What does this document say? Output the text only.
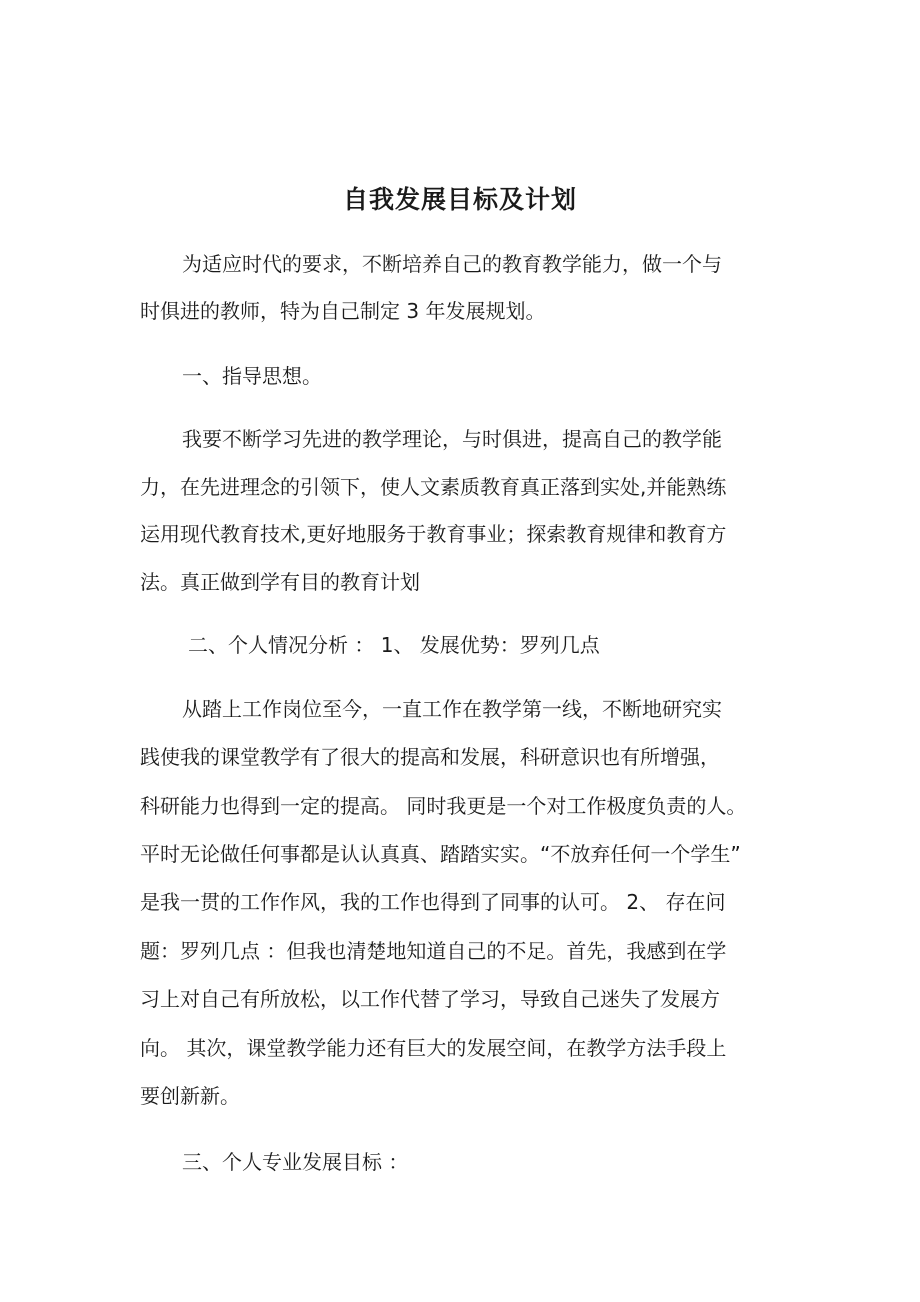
自我发展目标及计划
为适应时代的要求，不断培养自己的教育教学能力，做一个与
时俱进的教师，特为自己制定 3 年发展规划。
一、指导思想。
我要不断学习先进的教学理论，与时俱进，提高自己的教学能
力，在先进理念的引领下，使人文素质教育真正落到实处,并能熟练
运用现代教育技术,更好地服务于教育事业；探索教育规律和教育方
法。真正做到学有目的教育计划
二、个人情况分析 ： 1、 发展优势：罗列几点
从踏上工作岗位至今，一直工作在教学第一线，不断地研究实
践使我的课堂教学有了很大的提高和发展，科研意识也有所增强，
科研能力也得到一定的提高。 同时我更是一个对工作极度负责的人。
平时无论做任何事都是认认真真、踏踏实实。“不放弃任何一个学生”
是我一贯的工作作风，我的工作也得到了同事的认可。 2、 存在问
题：罗列几点 ：但我也清楚地知道自己的不足。首先，我感到在学
习上对自己有所放松，以工作代替了学习，导致自己迷失了发展方
向。 其次，课堂教学能力还有巨大的发展空间，在教学方法手段上
要创新新。
三、个人专业发展目标 ：
